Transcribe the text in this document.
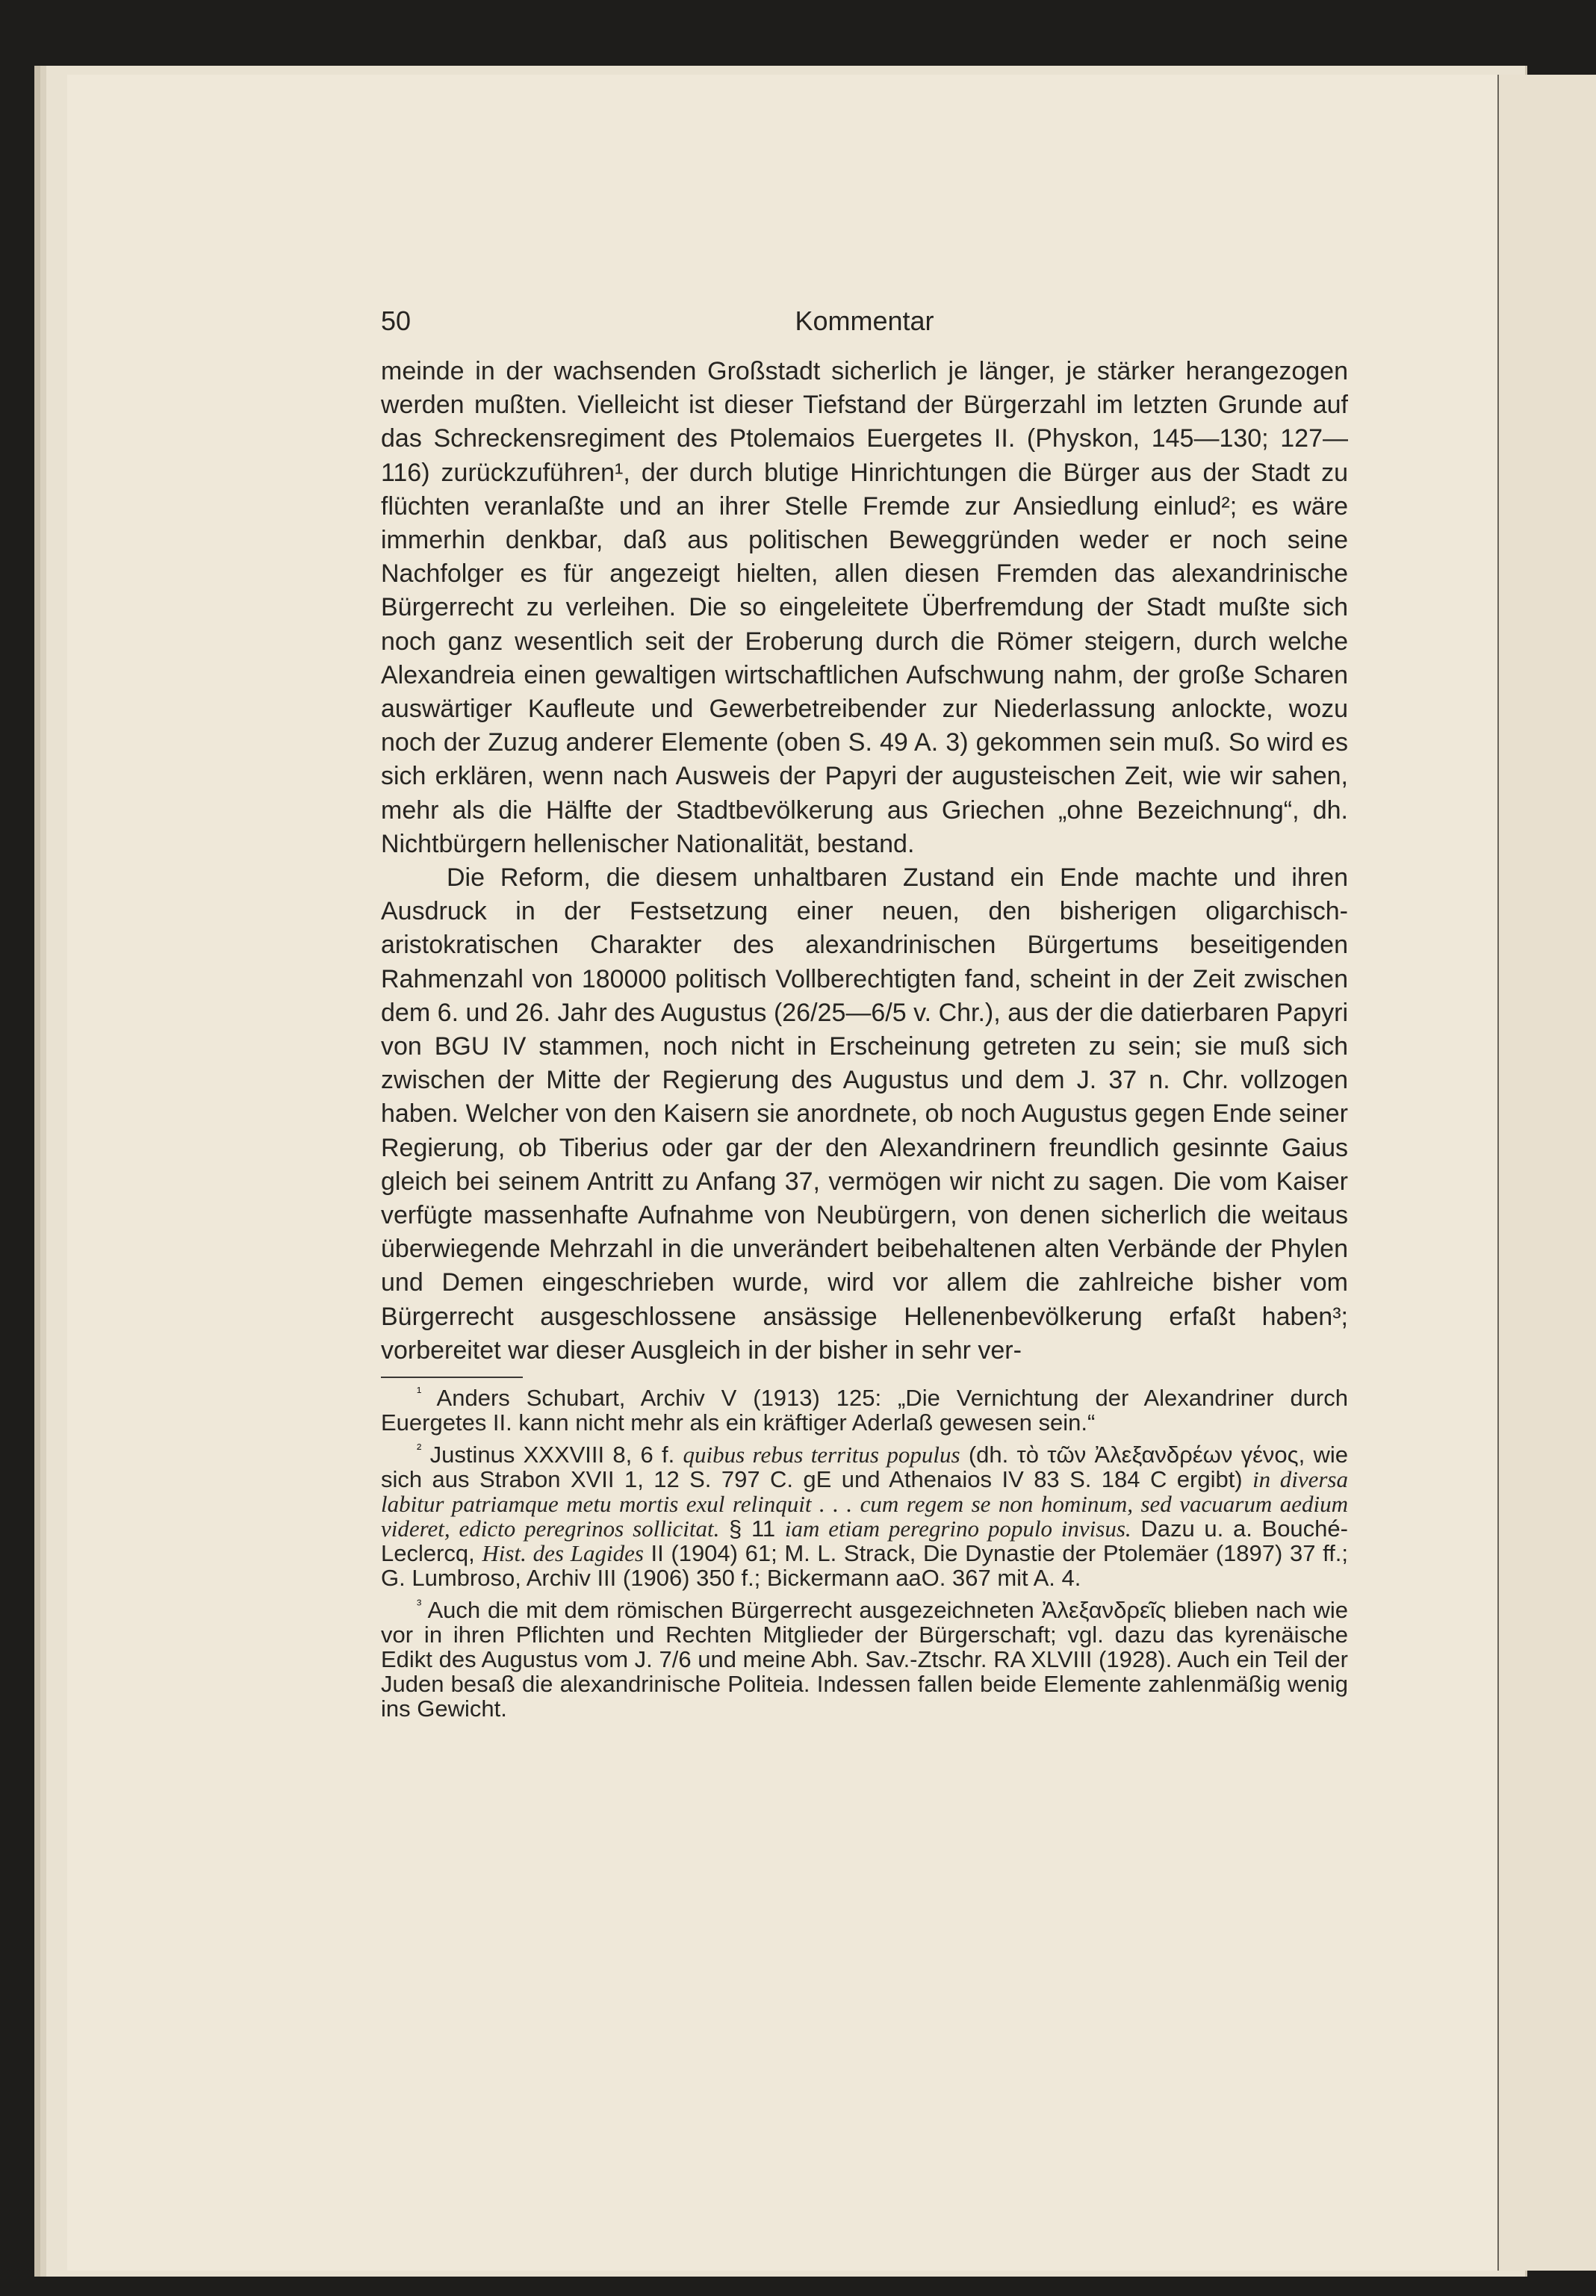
50	Kommentar

meinde in der wachsenden Großstadt sicherlich je länger, je stärker herangezogen werden mußten. Vielleicht ist dieser Tiefstand der Bürgerzahl im letzten Grunde auf das Schreckensregiment des Ptolemaios Euergetes II. (Physkon, 145—130; 127—116) zurückzuführen¹, der durch blutige Hinrichtungen die Bürger aus der Stadt zu flüchten veranlaßte und an ihrer Stelle Fremde zur Ansiedlung einlud²; es wäre immerhin denkbar, daß aus politischen Beweggründen weder er noch seine Nachfolger es für angezeigt hielten, allen diesen Fremden das alexandrinische Bürgerrecht zu verleihen. Die so eingeleitete Überfremdung der Stadt mußte sich noch ganz wesentlich seit der Eroberung durch die Römer steigern, durch welche Alexandreia einen gewaltigen wirtschaftlichen Aufschwung nahm, der große Scharen auswärtiger Kaufleute und Gewerbetreibender zur Niederlassung anlockte, wozu noch der Zuzug anderer Elemente (oben S. 49 A. 3) gekommen sein muß. So wird es sich erklären, wenn nach Ausweis der Papyri der augusteischen Zeit, wie wir sahen, mehr als die Hälfte der Stadtbevölkerung aus Griechen „ohne Bezeichnung“, dh. Nichtbürgern hellenischer Nationalität, bestand.

Die Reform, die diesem unhaltbaren Zustand ein Ende machte und ihren Ausdruck in der Festsetzung einer neuen, den bisherigen oligarchisch-aristokratischen Charakter des alexandrinischen Bürgertums beseitigenden Rahmenzahl von 180000 politisch Vollberechtigten fand, scheint in der Zeit zwischen dem 6. und 26. Jahr des Augustus (26/25—6/5 v. Chr.), aus der die datierbaren Papyri von BGU IV stammen, noch nicht in Erscheinung getreten zu sein; sie muß sich zwischen der Mitte der Regierung des Augustus und dem J. 37 n. Chr. vollzogen haben. Welcher von den Kaisern sie anordnete, ob noch Augustus gegen Ende seiner Regierung, ob Tiberius oder gar der den Alexandrinern freundlich gesinnte Gaius gleich bei seinem Antritt zu Anfang 37, vermögen wir nicht zu sagen. Die vom Kaiser verfügte massenhafte Aufnahme von Neubürgern, von denen sicherlich die weitaus überwiegende Mehrzahl in die unverändert beibehaltenen alten Verbände der Phylen und Demen eingeschrieben wurde, wird vor allem die zahlreiche bisher vom Bürgerrecht ausgeschlossene ansässige Hellenenbevölkerung erfaßt haben³; vorbereitet war dieser Ausgleich in der bisher in sehr ver-

$^{^1}$ Anders Schubart, Archiv V (1913) 125: „Die Vernichtung der Alexandriner durch Euergetes II. kann nicht mehr als ein kräftiger Aderlaß gewesen sein.“

$^{^2}$ Justinus XXXVIII 8, 6 f. quibus rebus territus populus (dh. τὸ τῶν Ἀλεξανδρέων γένος, wie sich aus Strabon XVII 1, 12 S. 797 C. gE und Athenaios IV 83 S. 184 C ergibt) in diversa labitur patriamque metu mortis exul relinquit . . . cum regem se non hominum, sed vacuarum aedium videret, edicto peregrinos sollicitat. § 11 iam etiam peregrino populo invisus. Dazu u. a. Bouché-Leclercq, Hist. des Lagides II (1904) 61; M. L. Strack, Die Dynastie der Ptolemäer (1897) 37 ff.; G. Lumbroso, Archiv III (1906) 350 f.; Bickermann aaO. 367 mit A. 4.

$^{^3}$ Auch die mit dem römischen Bürgerrecht ausgezeichneten Ἀλεξανδρεῖς blieben nach wie vor in ihren Pflichten und Rechten Mitglieder der Bürgerschaft; vgl. dazu das kyrenäische Edikt des Augustus vom J. 7/6 und meine Abh. Sav.-Ztschr. RA XLVIII (1928). Auch ein Teil der Juden besaß die alexandrinische Politeia. Indessen fallen beide Elemente zahlenmäßig wenig ins Gewicht.
